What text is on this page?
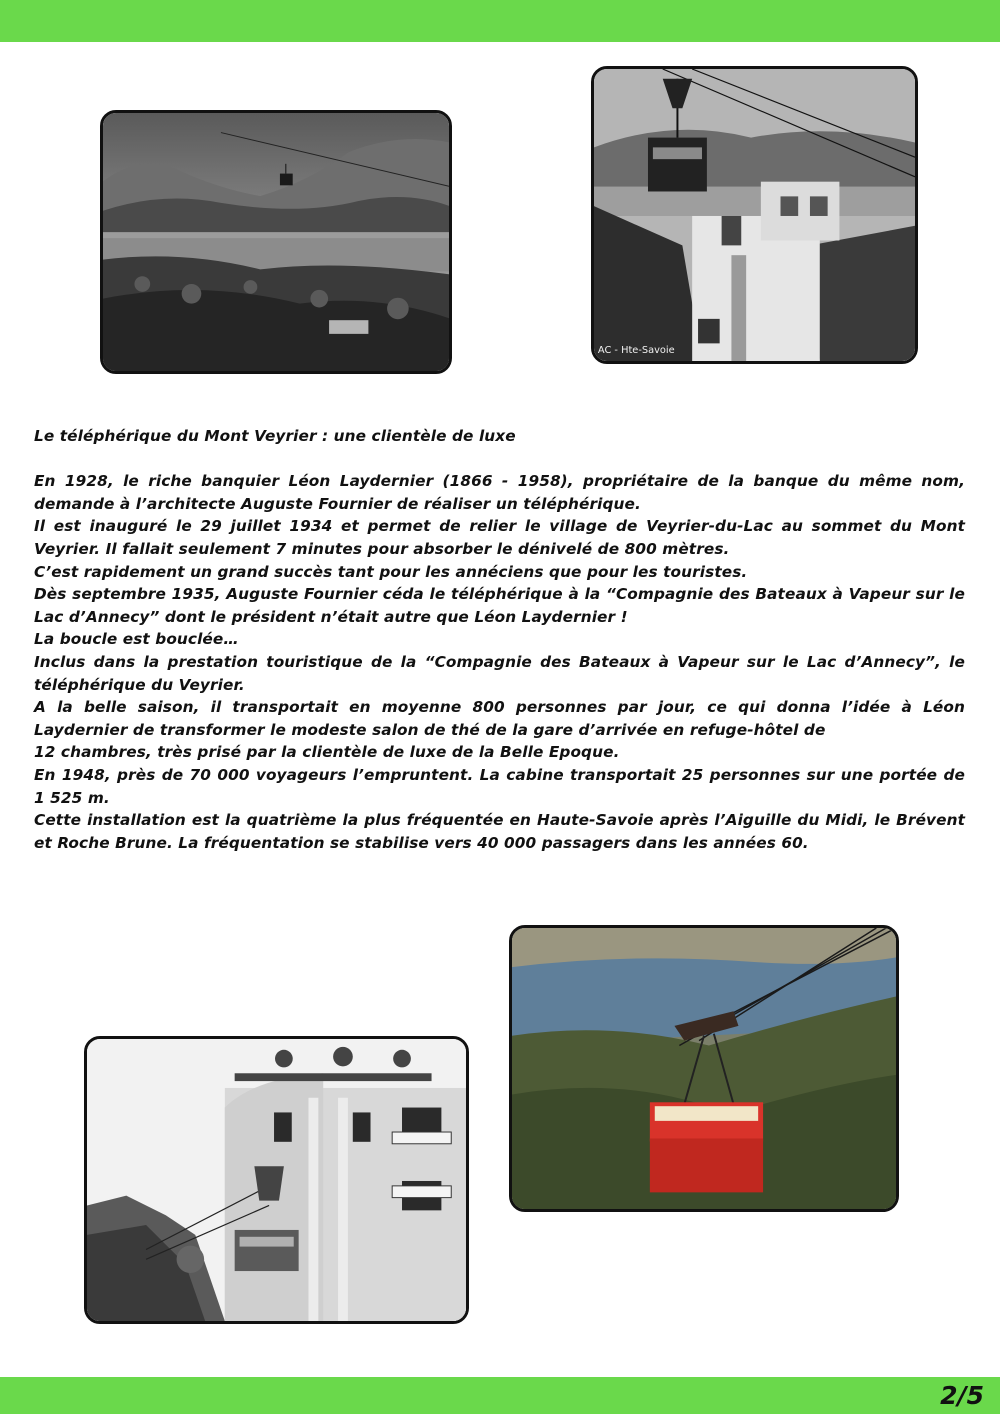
AC - Hte-Savoie

Le téléphérique du Mont Veyrier : une clientèle de luxe

En 1928, le riche banquier Léon Laydernier (1866 - 1958), propriétaire de la banque du même nom, demande à l’architecte Auguste Fournier de réaliser un téléphérique.

Il est inauguré le 29 juillet 1934 et permet de relier le village de Veyrier-du-Lac au sommet du Mont Veyrier. Il fallait seulement 7 minutes pour absorber le dénivelé de 800 mètres.

C’est rapidement un grand succès tant pour les annéciens que pour les touristes.

Dès septembre 1935, Auguste Fournier céda le téléphérique à la “Compagnie des Bateaux à Vapeur sur le Lac d’Annecy” dont le président n’était autre que Léon Laydernier !

La boucle est bouclée…

Inclus dans la prestation touristique de la “Compagnie des Bateaux à Vapeur sur le Lac d’Annecy”, le téléphérique du Veyrier.

A la belle saison, il transportait en moyenne 800 personnes par jour, ce qui donna l’idée à Léon Laydernier de transformer le modeste salon de thé de la gare d’arrivée en refuge-hôtel de

12 chambres, très prisé par la clientèle de luxe de la Belle Epoque.

En 1948, près de 70 000 voyageurs l’empruntent. La cabine transportait 25 personnes sur une portée de 1 525 m.

Cette installation est la quatrième la plus fréquentée en Haute-Savoie après l’Aiguille du Midi, le Brévent et Roche Brune. La fréquentation se stabilise vers 40 000 passagers dans les années 60.

2/5
